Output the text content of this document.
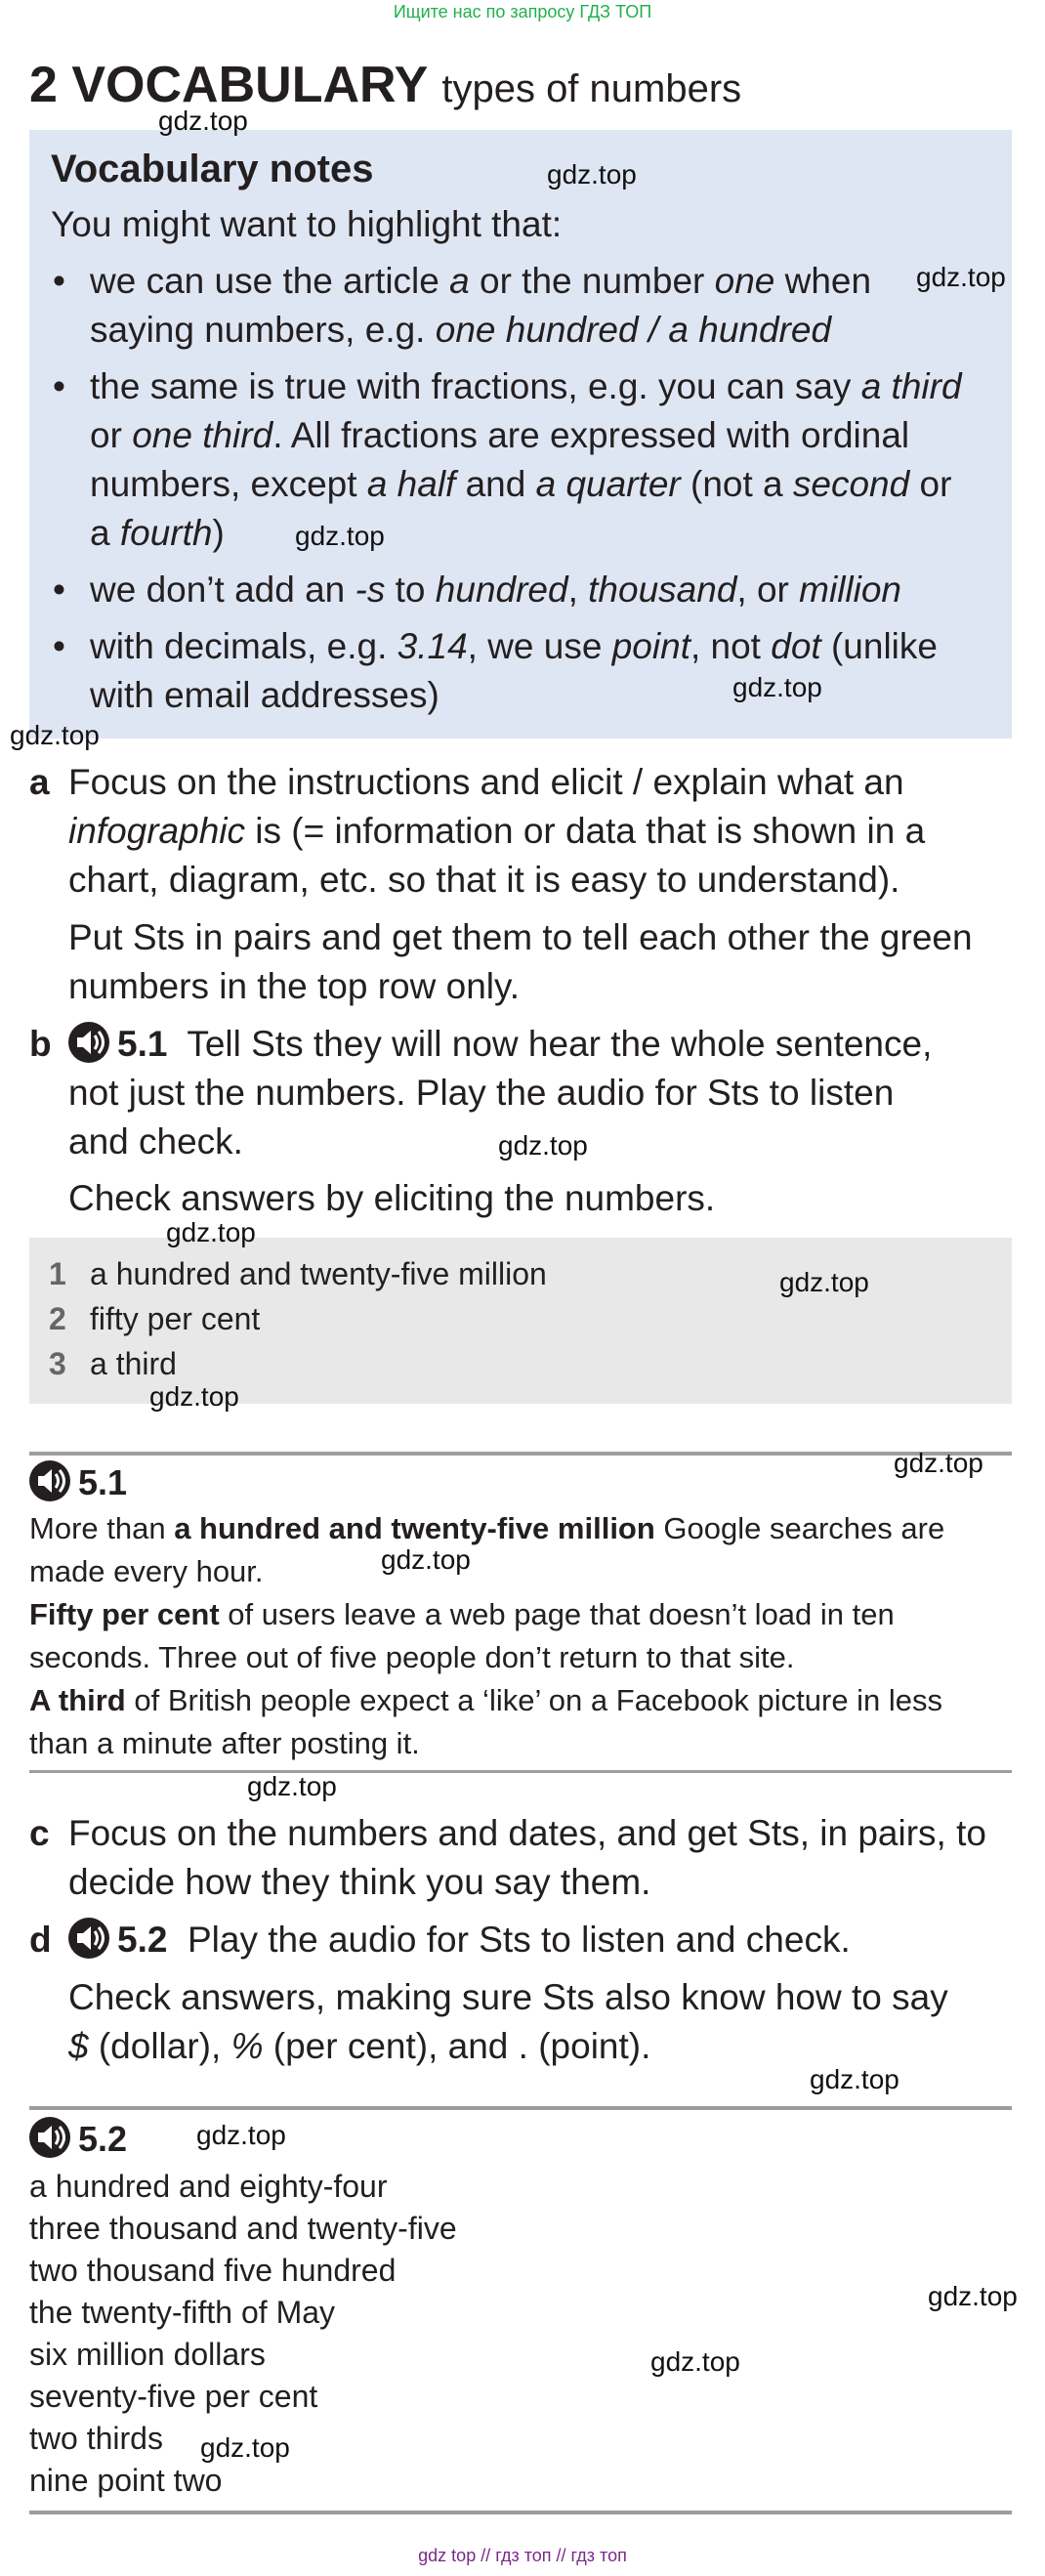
Ищите нас по запросу ГДЗ ТОП
2 VOCABULARY types of numbers
Vocabulary notes
You might want to highlight that:
• we can use the article a or the number one when
saying numbers, e.g. one hundred / a hundred
• the same is true with fractions, e.g. you can say a third
or one third. All fractions are expressed with ordinal
numbers, except a half and a quarter (not a second or
a fourth)
• we don’t add an -s to hundred, thousand, or million
• with decimals, e.g. 3.14, we use point, not dot (unlike
with email addresses)
a Focus on the instructions and elicit / explain what an
infographic is (= information or data that is shown in a
chart, diagram, etc. so that it is easy to understand).
Put Sts in pairs and get them to tell each other the green
numbers in the top row only.
b	5.1 Tell Sts they will now hear the whole sentence,
not just the numbers. Play the audio for Sts to listen
and check.
Check answers by eliciting the numbers.
1 a hundred and twenty-five million
2 fifty per cent
3 a third
5.1
More than a hundred and twenty-five million Google searches are
made every hour.
Fifty per cent of users leave a web page that doesn’t load in ten
seconds. Three out of five people don’t return to that site.
A third of British people expect a ‘like’ on a Facebook picture in less
than a minute after posting it.
c Focus on the numbers and dates, and get Sts, in pairs, to
decide how they think you say them.
d	5.2 Play the audio for Sts to listen and check.
Check answers, making sure Sts also know how to say
$ (dollar), % (per cent), and . (point).
5.2
a hundred and eighty-four
three thousand and twenty-five
two thousand five hundred
the twenty-fifth of May
six million dollars
seventy-five per cent
two thirds
nine point two
gdz.top
gdz.top
gdz.top
gdz.top
gdz.top
gdz.top
gdz.top
gdz.top
gdz.top
gdz.top
gdz.top
gdz.top
gdz.top
gdz.top
gdz.top
gdz.top
gdz.top
gdz.top
gdz top // гдз топ // гдз топ
